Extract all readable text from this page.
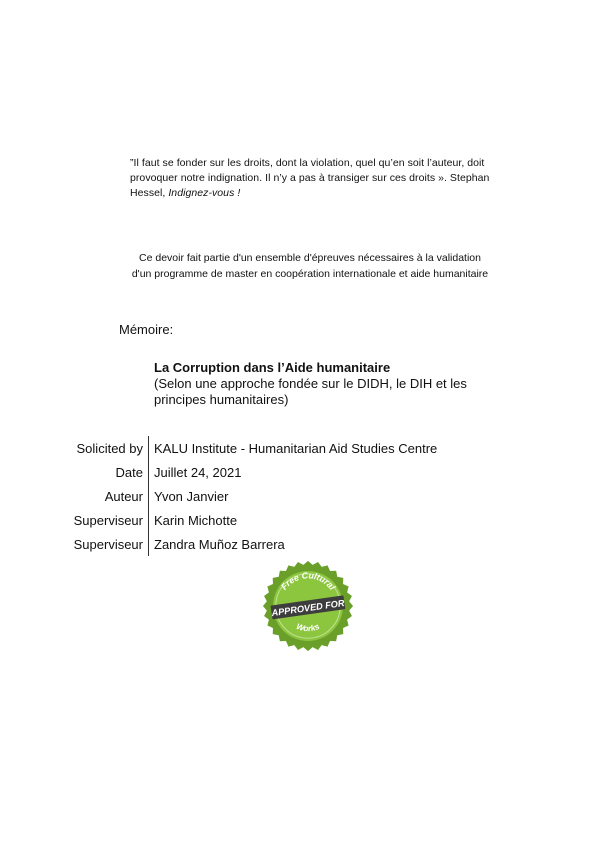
”Il faut se fonder sur les droits, dont la violation, quel qu’en soit l’auteur, doit
provoquer notre indignation. Il n’y a pas à transiger sur ces droits ». Stephan
Hessel, Indignez-vous !
Ce devoir fait partie d'un ensemble d'épreuves nécessaires à la validation
d'un programme de master en coopération internationale et aide humanitaire
Mémoire:
La Corruption dans l’Aide humanitaire
(Selon une approche fondée sur le DIDH, le DIH et les
principes humanitaires)
Solicited by	KALU Institute - Humanitarian Aid Studies Centre
Date	Juillet 24, 2021
Auteur	Yvon Janvier
Superviseur	Karin Michotte
Superviseur	Zandra Muñoz Barrera
Free Cultural
APPROVED FOR
Works
